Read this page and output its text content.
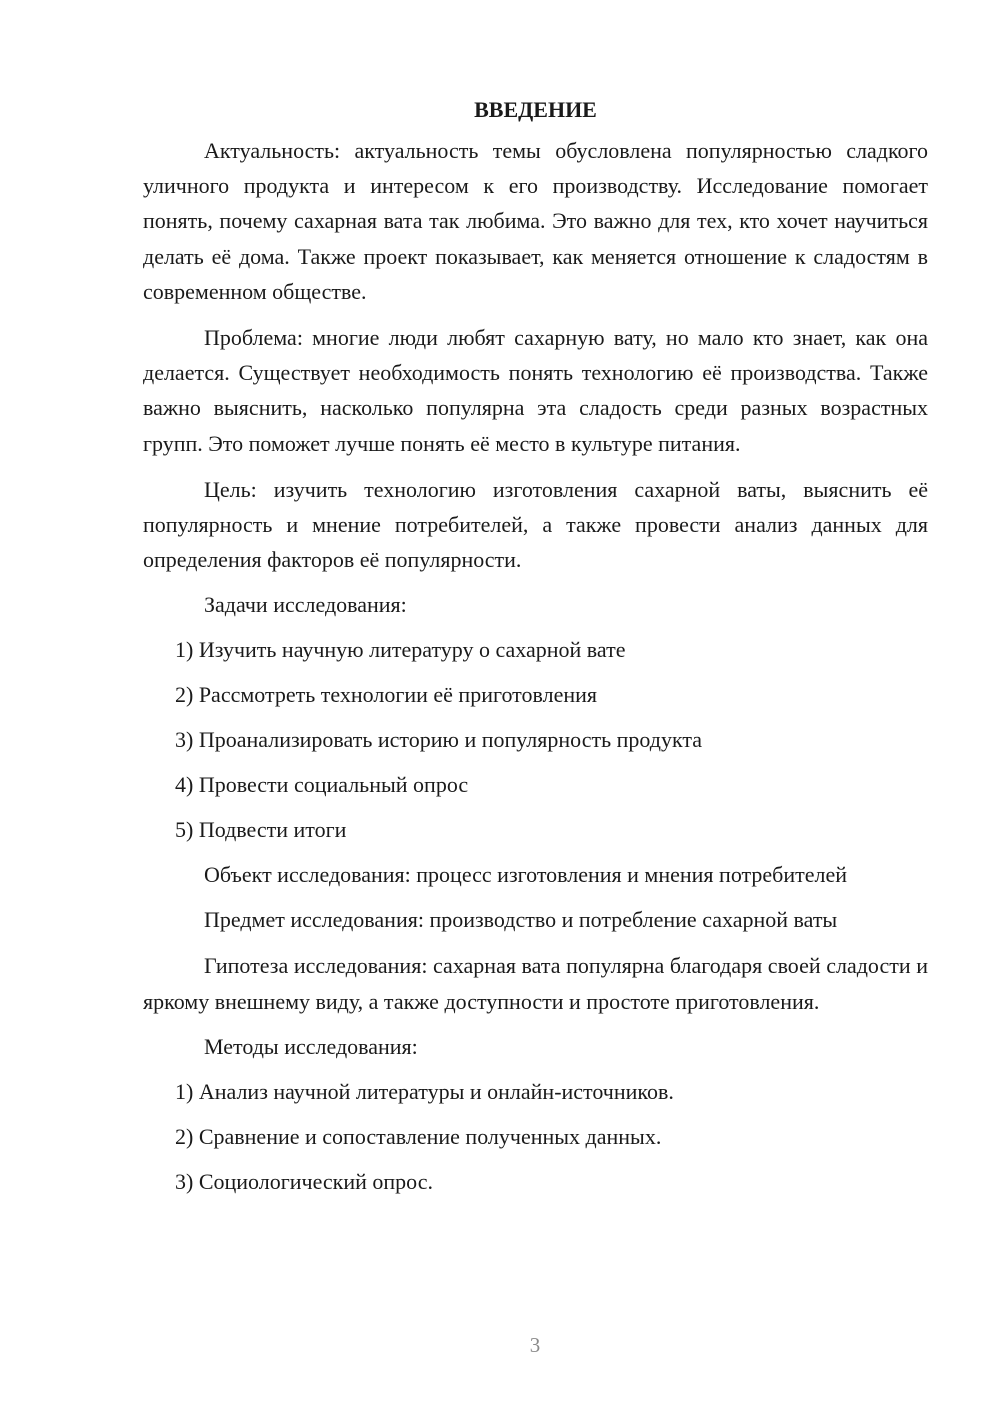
ВВЕДЕНИЕ

Актуальность: актуальность темы обусловлена популярностью сладкого уличного продукта и интересом к его производству. Исследование помогает понять, почему сахарная вата так любима. Это важно для тех, кто хочет научиться делать её дома. Также проект показывает, как меняется отношение к сладостям в современном обществе.

Проблема: многие люди любят сахарную вату, но мало кто знает, как она делается. Существует необходимость понять технологию её производства. Также важно выяснить, насколько популярна эта сладость среди разных возрастных групп. Это поможет лучше понять её место в культуре питания.

Цель: изучить технологию изготовления сахарной ваты, выяснить её популярность и мнение потребителей, а также провести анализ данных для определения факторов её популярности.

Задачи исследования:
1) Изучить научную литературу о сахарной вате
2) Рассмотреть технологии её приготовления
3) Проанализировать историю и популярность продукта
4) Провести социальный опрос
5) Подвести итоги
Объект исследования: процесс изготовления и мнения потребителей
Предмет исследования: производство и потребление сахарной ваты

Гипотеза исследования: сахарная вата популярна благодаря своей сладости и яркому внешнему виду, а также доступности и простоте приготовления.

Методы исследования:
1) Анализ научной литературы и онлайн-источников.
2) Сравнение и сопоставление полученных данных.
3) Социологический опрос.
3
